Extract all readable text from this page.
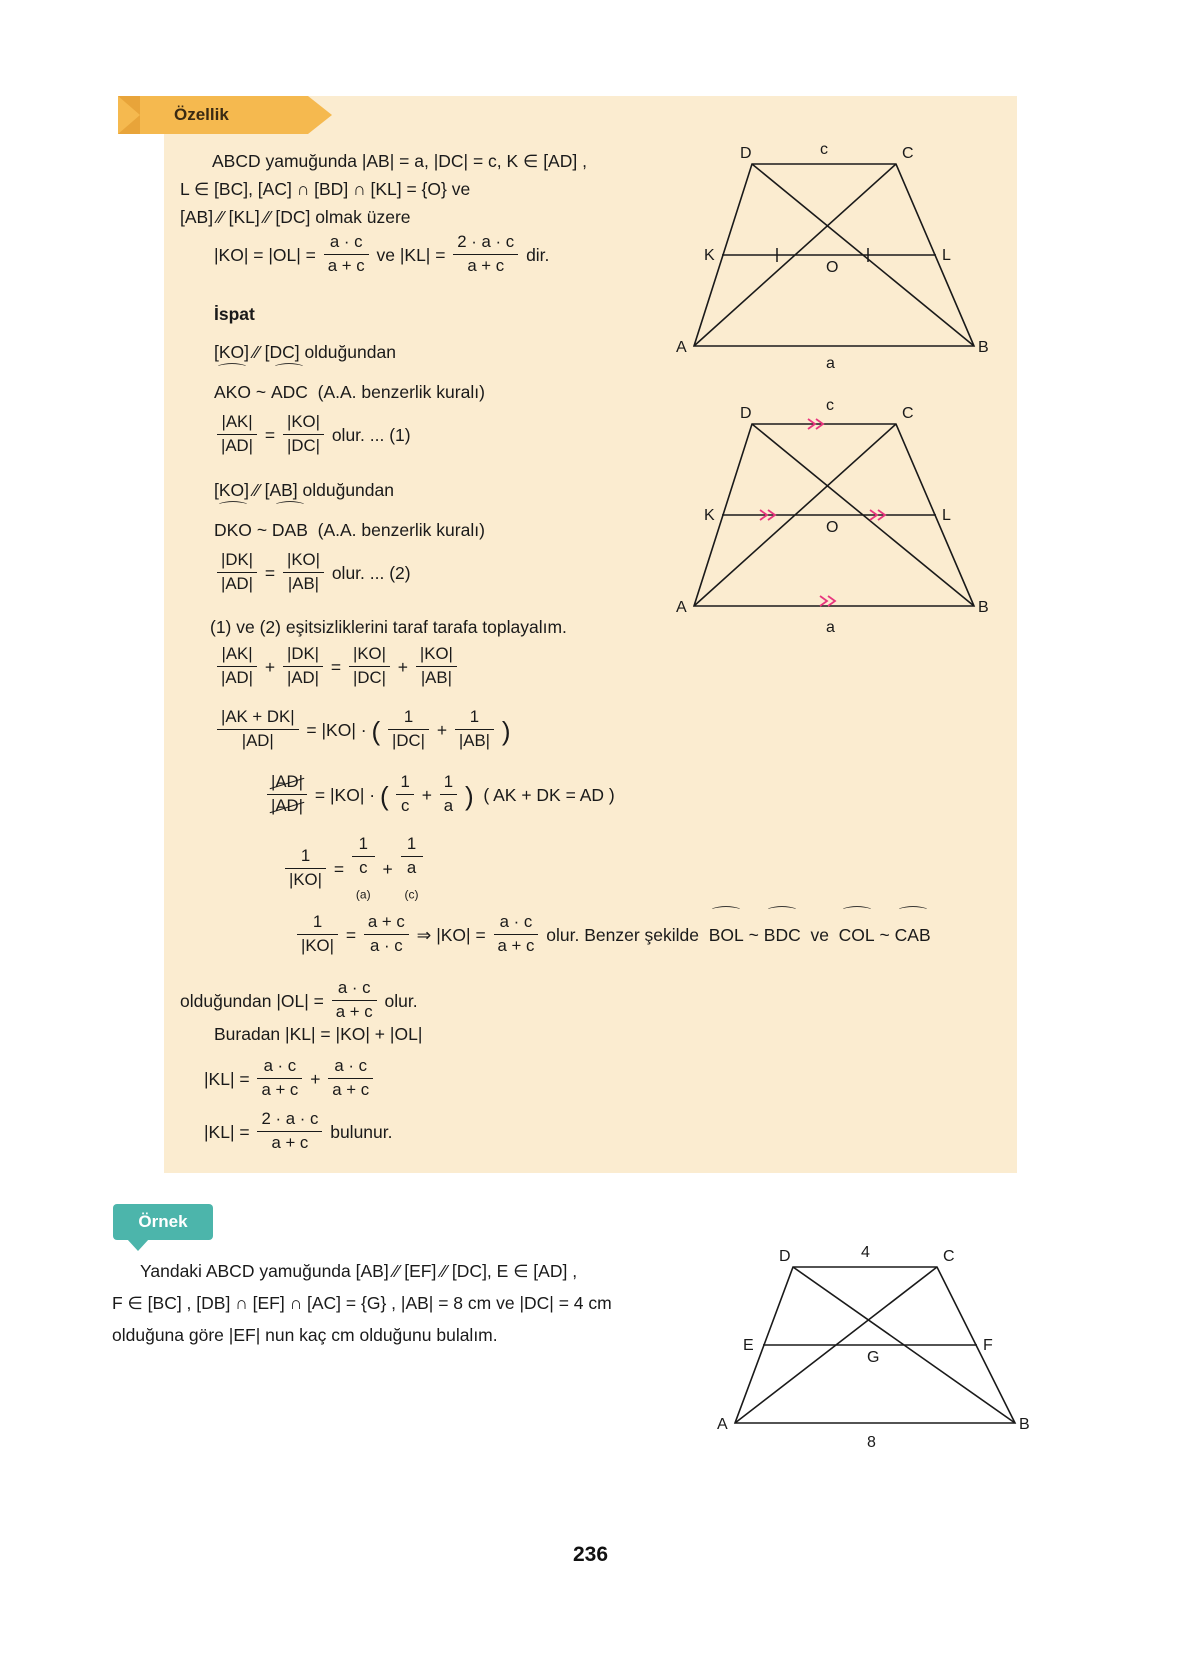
Özellik
ABCD yamuğunda |AB| = a, |DC| = c, K ∈ [AD] ,
L ∈ [BC], [AC] ∩ [BD] ∩ [KL] = {O} ve
[AB] ∕∕ [KL] ∕∕ [DC] olmak üzere
$|KO| = |OL| = \frac{a \cdot c}{a + c}$ ve $|KL| = \frac{2 \cdot a \cdot c}{a + c}$ dir.
İspat
[KO] ∕∕ [DC] olduğundan
⌒ AKO ~ ⌒ ADC (A.A. benzerlik kuralı)
$\frac{|AK|}{|AD|} = \frac{|KO|}{|DC|}$ olur. ... (1)
[KO] ∕∕ [AB] olduğundan
⌒ DKO ~ ⌒ DAB (A.A. benzerlik kuralı)
$\frac{|DK|}{|AD|} = \frac{|KO|}{|AB|}$ olur. ... (2)
(1) ve (2) eşitsizliklerini taraf tarafa toplayalım.
$\frac{|AK|}{|AD|} + \frac{|DK|}{|AD|} = \frac{|KO|}{|DC|} + \frac{|KO|}{|AB|}$
$\frac{|AK + DK|}{|AD|} = |KO|$ · ( $\frac{1}{|DC|} + \frac{1}{|AB|}$ )
$\frac{|AD|}{|AD|} = |KO|$ · ( $\frac{1}{c} + \frac{1}{a}$ ) ( AK + DK = AD )
$\frac{1}{|KO|}$ =
1
c
$_{(a)}$
+
1
a
$_{(c)}$
$\frac{1}{|KO|} = \frac{a + c}{a \cdot c}$ ⇒ $|KO| = \frac{a \cdot c}{a + c}$ olur. Benzer şekilde ⌒ BOL ~ ⌒ BDC ve ⌒ COL ~ ⌒ CAB
olduğundan $|OL| = \frac{a \cdot c}{a + c}$ olur.
Buradan |KL| = |KO| + |OL|
$|KL| = \frac{a \cdot c}{a + c} + \frac{a \cdot c}{a + c}$
$|KL| = \frac{2 \cdot a \cdot c}{a + c}$ bulunur.
D	C
c
K	L
O
A	B
a
D	C
c
K	L
O
A	B
a
Örnek
Yandaki ABCD yamuğunda [AB] ∕∕ [EF] ∕∕ [DC], E ∈ [AD] ,
F ∈ [BC] , [DB] ∩ [EF] ∩ [AC] = {G} , |AB| = 8 cm ve |DC| = 4 cm
olduğuna göre |EF| nun kaç cm olduğunu bulalım.
D	C
4
E	F
G
A	B
8
236
